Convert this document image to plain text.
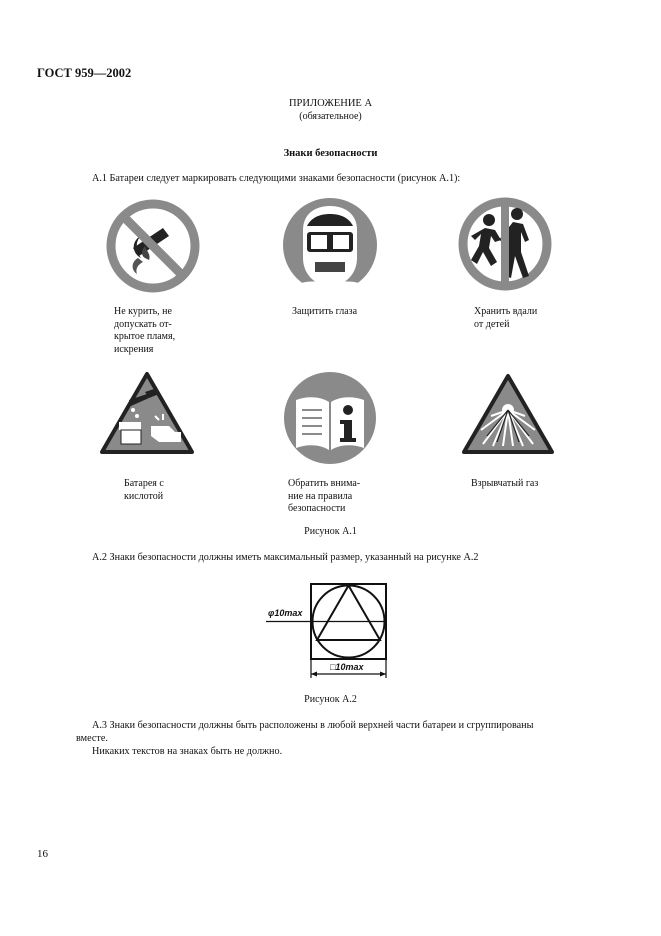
ГОСТ 959—2002
ПРИЛОЖЕНИЕ А
(обязательное)
Знаки безопасности
А.1 Батареи следует маркировать следующими знаками безопасности (рисунок А.1):
Не курить, не
допускать от-
крытое пламя,
искрения
Защитить глаза	Хранить вдали
от детей
Батарея с
кислотой
Обратить внима-
ние на правила
безопасности
Взрывчатый газ
Рисунок А.1
А.2 Знаки безопасности должны иметь максимальный размер, указанный на рисунке А.2
φ10max
□10max
Рисунок А.2
А.3 Знаки безопасности должны быть расположены в любой верхней части батареи и сгруппированы
вместе.
Никаких текстов на знаках быть не должно.
16
